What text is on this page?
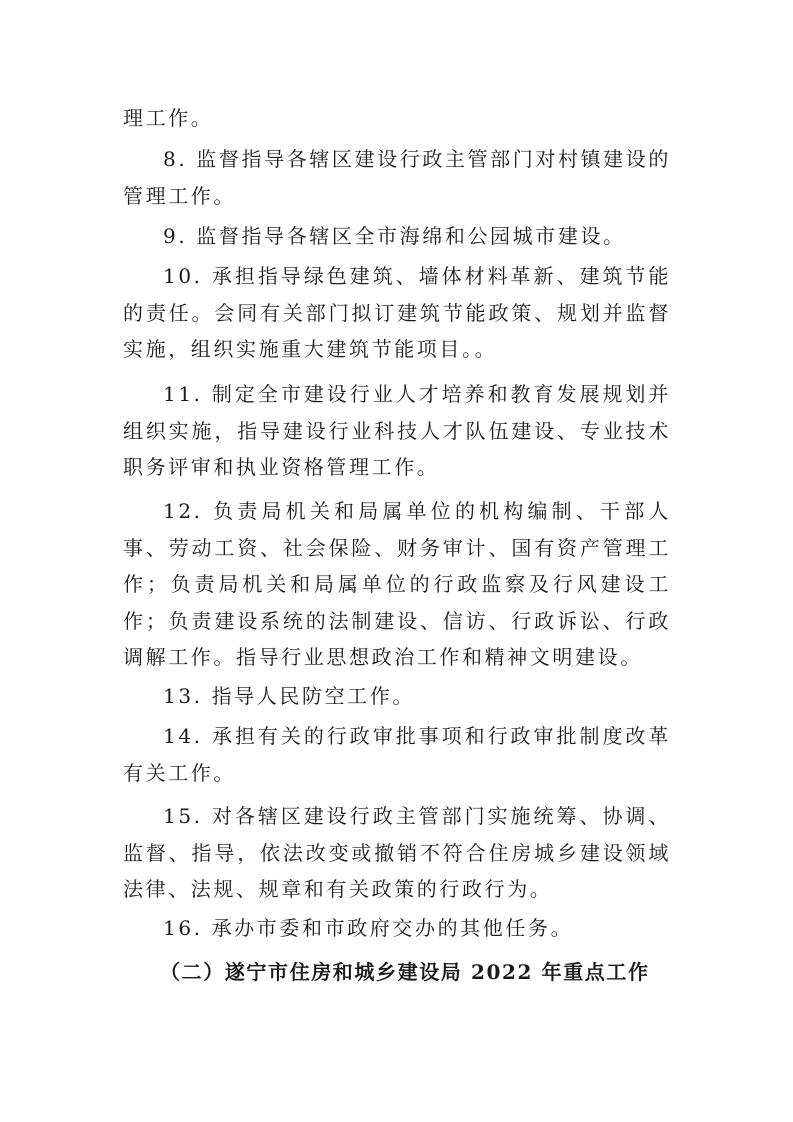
理工作。
8. 监督指导各辖区建设行政主管部门对村镇建设的管理工作。
9. 监督指导各辖区全市海绵和公园城市建设。
10. 承担指导绿色建筑、墙体材料革新、建筑节能的责任。会同有关部门拟订建筑节能政策、规划并监督实施，组织实施重大建筑节能项目。。
11. 制定全市建设行业人才培养和教育发展规划并组织实施，指导建设行业科技人才队伍建设、专业技术职务评审和执业资格管理工作。
12. 负责局机关和局属单位的机构编制、干部人事、劳动工资、社会保险、财务审计、国有资产管理工作；负责局机关和局属单位的行政监察及行风建设工作；负责建设系统的法制建设、信访、行政诉讼、行政调解工作。指导行业思想政治工作和精神文明建设。
13. 指导人民防空工作。
14. 承担有关的行政审批事项和行政审批制度改革有关工作。
15. 对各辖区建设行政主管部门实施统筹、协调、监督、指导，依法改变或撤销不符合住房城乡建设领域法律、法规、规章和有关政策的行政行为。
16. 承办市委和市政府交办的其他任务。
（二）遂宁市住房和城乡建设局 2022 年重点工作
